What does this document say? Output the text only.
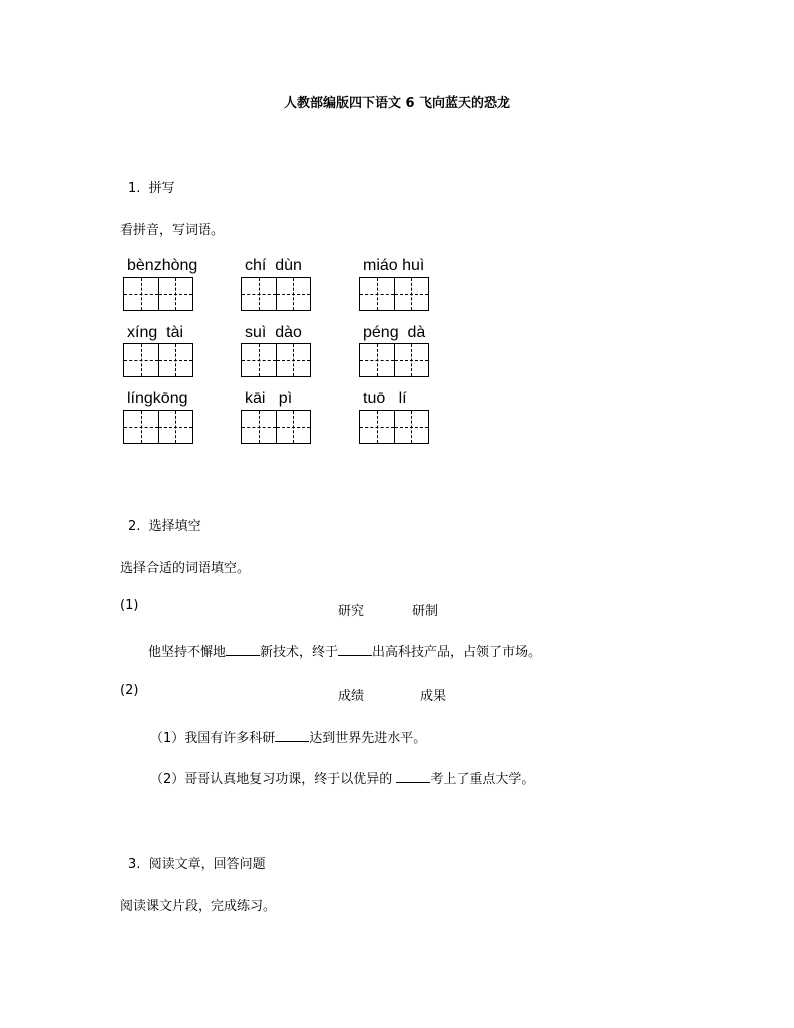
人教部编版四下语文 6 飞向蓝天的恐龙
1. 拼写
看拼音，写词语。
bènzhòng	chí  dùn	miáo huì
xíng  tài	suì  dào	péng  dà
língkōng	kāi   pì	tuō   lí
2. 选择填空
选择合适的词语填空。
(1)	研究	研制
他坚持不懈地	新技术，终于	出高科技产品，占领了市场。
(2)	成绩	成果
（1）我国有许多科研	达到世界先进水平。
（2）哥哥认真地复习功课，终于以优异的	考上了重点大学。
3. 阅读文章，回答问题
阅读课文片段，完成练习。
